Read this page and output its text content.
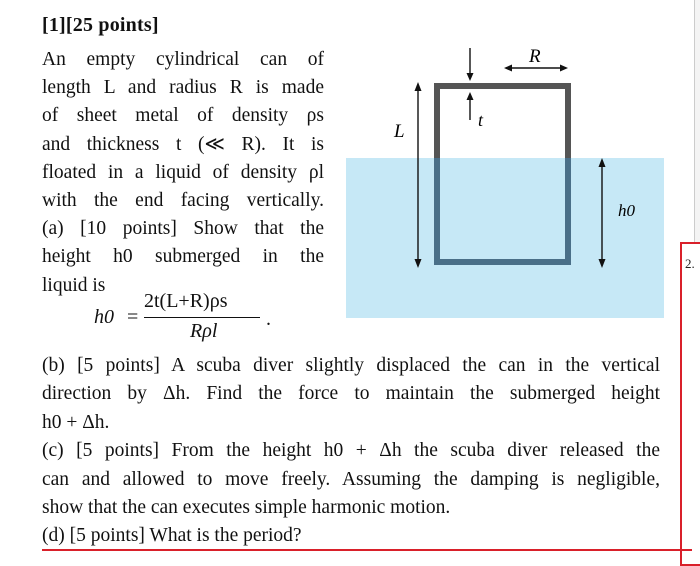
[1][25 points]
An empty cylindrical can of
length L and radius R is made
of sheet metal of density ρs
and thickness t (≪ R). It is
floated in a liquid of density ρl
with the end facing vertically.
(a) [10 points] Show that the
height h0 submerged in the
liquid is
h0 =
2t(L+R)ρs
Rρl
.
R
t
L
h0
(b) [5 points] A scuba diver slightly displaced the can in the vertical
direction by Δh. Find the force to maintain the submerged height
h0 + Δh.
(c) [5 points] From the height h0 + Δh the scuba diver released the
can and allowed to move freely. Assuming the damping is negligible,
show that the can executes simple harmonic motion.
(d) [5 points] What is the period?
2.
